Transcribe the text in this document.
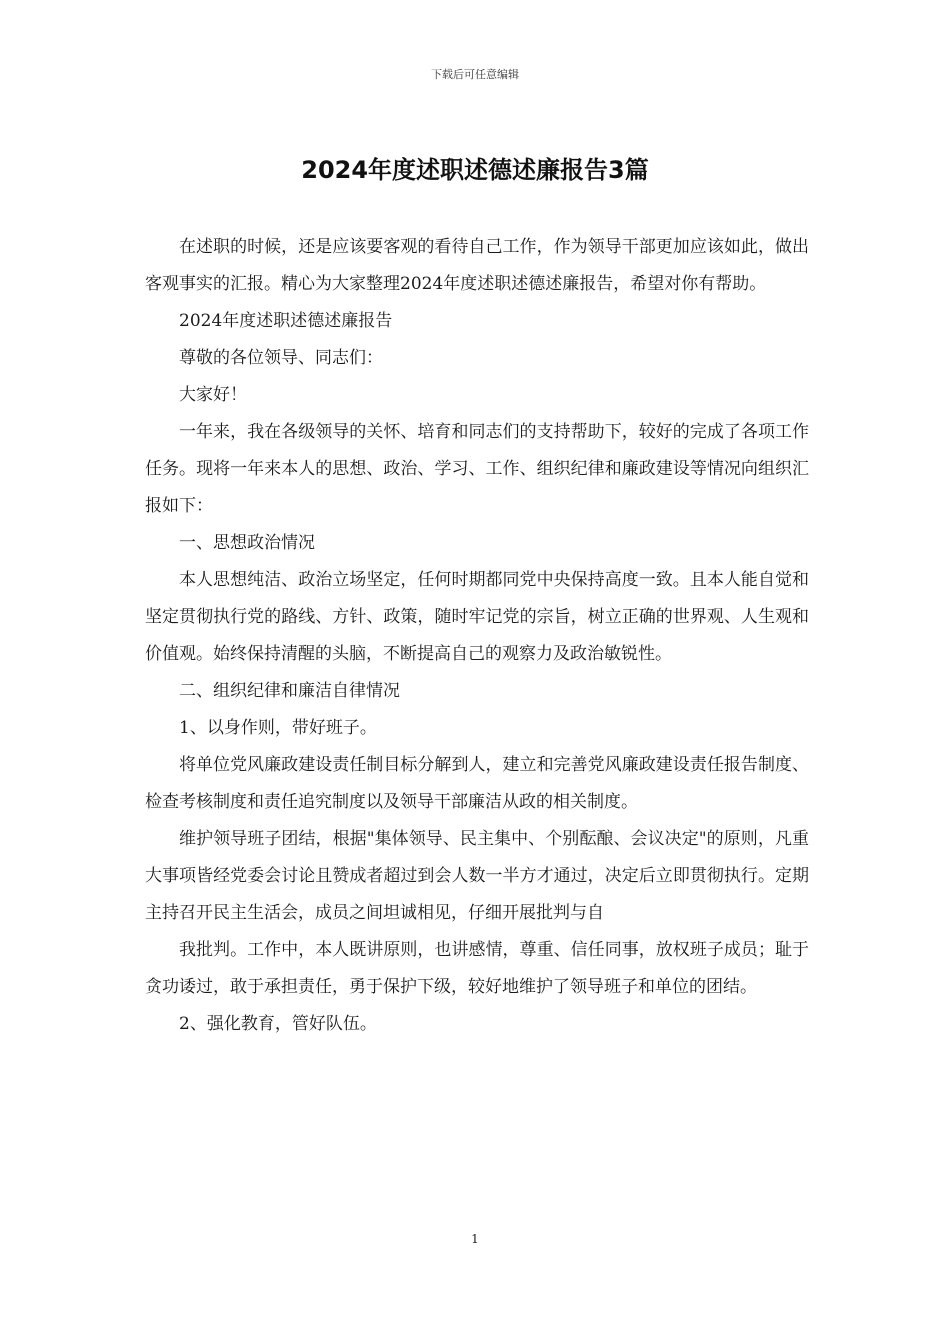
下载后可任意编辑
2024年度述职述德述廉报告3篇

在述职的时候，还是应该要客观的看待自己工作，作为领导干部更加应该如此，做出客观事实的汇报。精心为大家整理2024年度述职述德述廉报告，希望对你有帮助。

2024年度述职述德述廉报告

尊敬的各位领导、同志们：

大家好！

一年来，我在各级领导的关怀、培育和同志们的支持帮助下，较好的完成了各项工作任务。现将一年来本人的思想、政治、学习、工作、组织纪律和廉政建设等情况向组织汇报如下：

一、思想政治情况

本人思想纯洁、政治立场坚定，任何时期都同党中央保持高度一致。且本人能自觉和坚定贯彻执行党的路线、方针、政策，随时牢记党的宗旨，树立正确的世界观、人生观和价值观。始终保持清醒的头脑，不断提高自己的观察力及政治敏锐性。

二、组织纪律和廉洁自律情况

1、以身作则，带好班子。

将单位党风廉政建设责任制目标分解到人，建立和完善党风廉政建设责任报告制度、检查考核制度和责任追究制度以及领导干部廉洁从政的相关制度。

维护领导班子团结，根据"集体领导、民主集中、个别酝酿、会议决定"的原则，凡重大事项皆经党委会讨论且赞成者超过到会人数一半方才通过，决定后立即贯彻执行。定期主持召开民主生活会，成员之间坦诚相见，仔细开展批判与自

我批判。工作中，本人既讲原则，也讲感情，尊重、信任同事，放权班子成员；耻于贪功诿过，敢于承担责任，勇于保护下级，较好地维护了领导班子和单位的团结。

2、强化教育，管好队伍。

1
